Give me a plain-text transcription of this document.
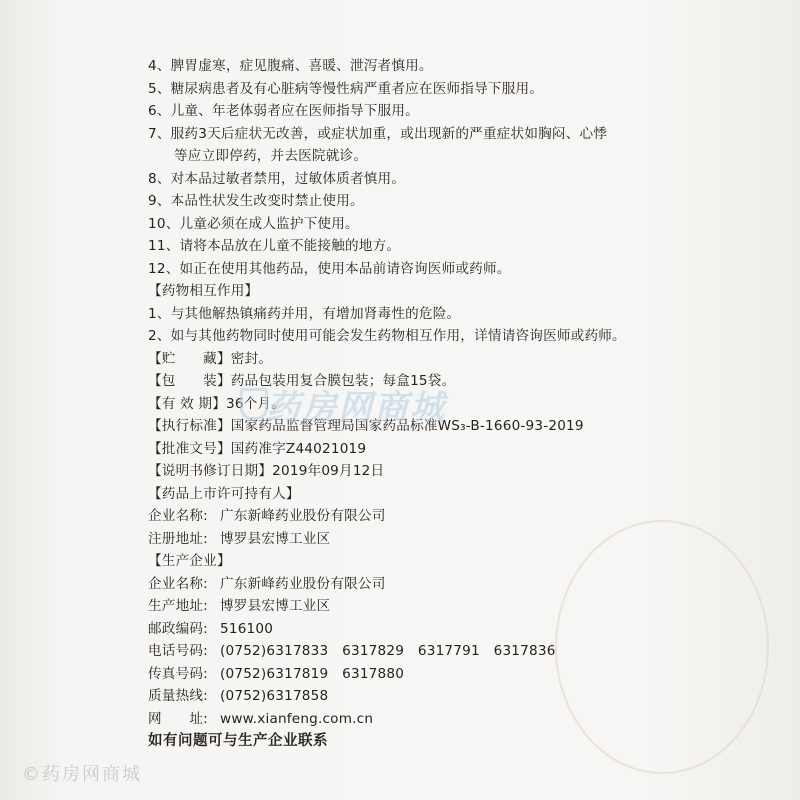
4、脾胃虚寒，症见腹痛、喜暖、泄泻者慎用。
5、糖尿病患者及有心脏病等慢性病严重者应在医师指导下服用。
6、儿童、年老体弱者应在医师指导下服用。
7、服药3天后症状无改善，或症状加重，或出现新的严重症状如胸闷、心悸
等应立即停药，并去医院就诊。
8、对本品过敏者禁用，过敏体质者慎用。
9、本品性状发生改变时禁止使用。
10、儿童必须在成人监护下使用。
11、请将本品放在儿童不能接触的地方。
12、如正在使用其他药品，使用本品前请咨询医师或药师。
【药物相互作用】
1、与其他解热镇痛药并用，有增加肾毒性的危险。
2、如与其他药物同时使用可能会发生药物相互作用，详情请咨询医师或药师。
【贮　　藏】密封。
【包　　装】药品包装用复合膜包装；每盒15袋。
【有 效 期】36个月。
【执行标准】国家药品监督管理局国家药品标准WS₃-B-1660-93-2019
【批准文号】国药准字Z44021019
【说明书修订日期】2019年09月12日
【药品上市许可持有人】
企业名称: 广东新峰药业股份有限公司
注册地址: 博罗县宏博工业区
【生产企业】
企业名称: 广东新峰药业股份有限公司
生产地址: 博罗县宏博工业区
邮政编码: 516100
电话号码: (0752)6317833　6317829　6317791　6317836
传真号码: (0752)6317819　6317880
质量热线: (0752)6317858
网　　址: www.xianfeng.com.cn
如有问题可与生产企业联系
药房网商城
©药房网商城
